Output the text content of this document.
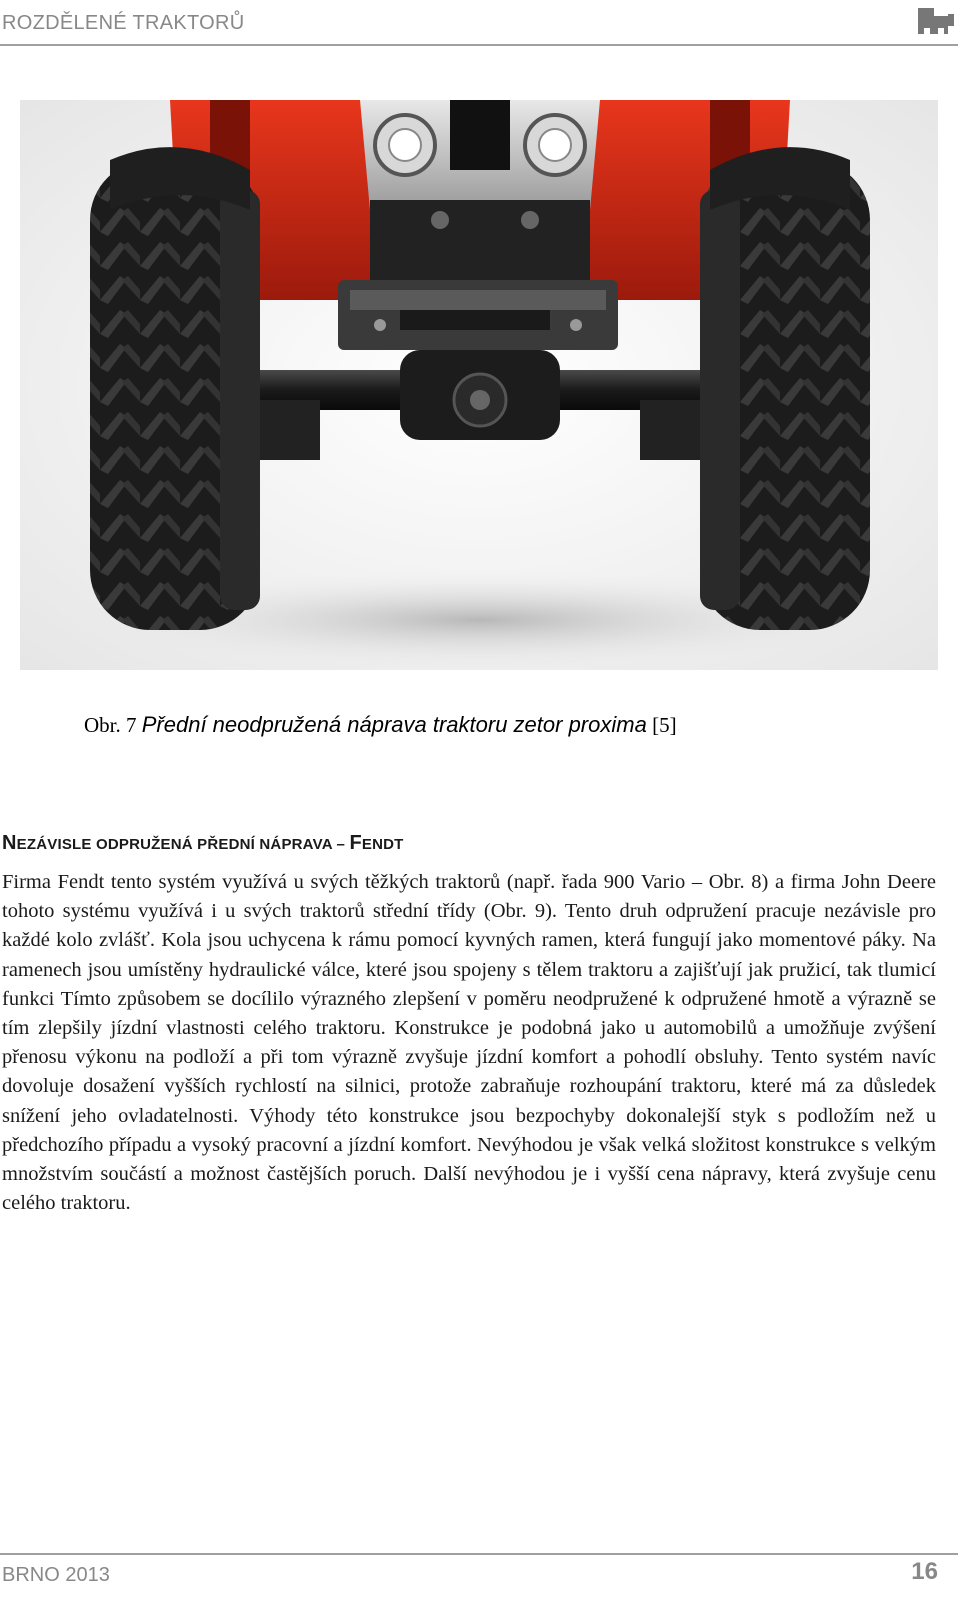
ROZDĚLENÉ TRAKTORŮ
Obr. 7 Přední neodpružená náprava traktoru zetor proxima [5]
NEZÁVISLE ODPRUŽENÁ PŘEDNÍ NÁPRAVA – FENDT

Firma Fendt tento systém využívá u svých těžkých traktorů (např. řada 900 Vario – Obr. 8) a firma John Deere tohoto systému využívá i u svých traktorů střední třídy (Obr. 9). Tento druh odpružení pracuje nezávisle pro každé kolo zvlášť. Kola jsou uchycena k rámu pomocí kyvných ramen, která fungují jako momentové páky. Na ramenech jsou umístěny hydraulické válce, které jsou spojeny s tělem traktoru a zajišťují jak pružicí, tak tlumicí funkci Tímto způsobem se docílilo výrazného zlepšení v poměru neodpružené k odpružené hmotě a výrazně se tím zlepšily jízdní vlastnosti celého traktoru. Konstrukce je podobná jako u automobilů a umožňuje zvýšení přenosu výkonu na podloží a při tom výrazně zvyšuje jízdní komfort a pohodlí obsluhy. Tento systém navíc dovoluje dosažení vyšších rychlostí na silnici, protože zabraňuje rozhoupání traktoru, které má za důsledek snížení jeho ovladatelnosti. Výhody této konstrukce jsou bezpochyby dokonalejší styk s podložím než u předchozího případu a vysoký pracovní a jízdní komfort. Nevýhodou je však velká složitost konstrukce s velkým množstvím součástí a možnost častějších poruch. Další nevýhodou je i vyšší cena nápravy, která zvyšuje cenu celého traktoru.

BRNO 2013	16
